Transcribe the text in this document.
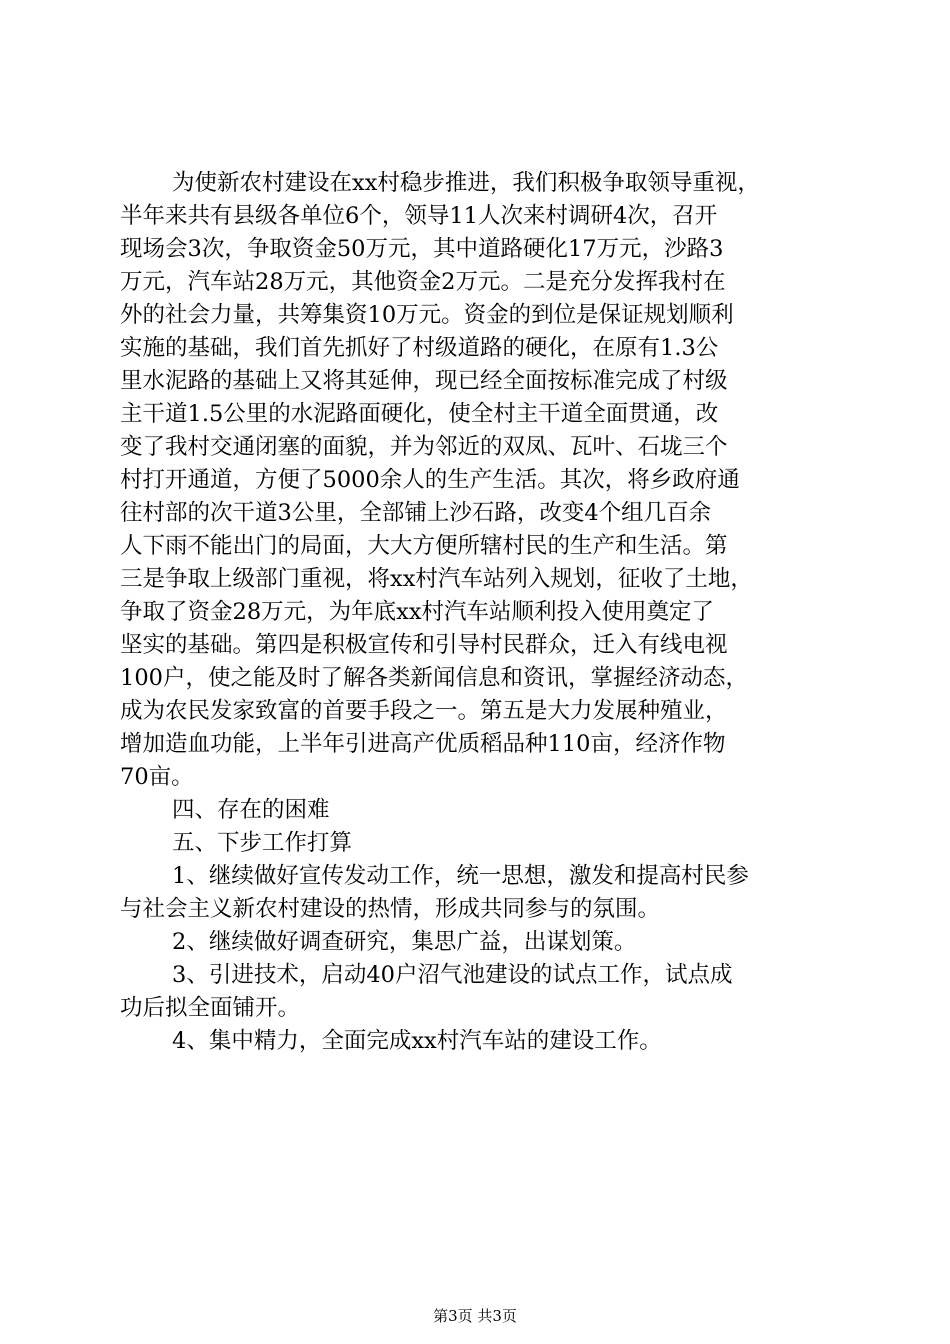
为使新农村建设在xx村稳步推进，我们积极争取领导重视，
半年来共有县级各单位6个，领导11人次来村调研4次，召开
现场会3次，争取资金50万元，其中道路硬化17万元，沙路3
万元，汽车站28万元，其他资金2万元。二是充分发挥我村在
外的社会力量，共筹集资10万元。资金的到位是保证规划顺利
实施的基础，我们首先抓好了村级道路的硬化，在原有1.3公
里水泥路的基础上又将其延伸，现已经全面按标准完成了村级
主干道1.5公里的水泥路面硬化，使全村主干道全面贯通，改
变了我村交通闭塞的面貌，并为邻近的双凤、瓦叶、石垅三个
村打开通道，方便了5000余人的生产生活。其次，将乡政府通
往村部的次干道3公里，全部铺上沙石路，改变4个组几百余
人下雨不能出门的局面，大大方便所辖村民的生产和生活。第
三是争取上级部门重视，将xx村汽车站列入规划，征收了土地，
争取了资金28万元，为年底xx村汽车站顺利投入使用奠定了
坚实的基础。第四是积极宣传和引导村民群众，迁入有线电视
100户，使之能及时了解各类新闻信息和资讯，掌握经济动态，
成为农民发家致富的首要手段之一。第五是大力发展种殖业，
增加造血功能，上半年引进高产优质稻品种110亩，经济作物
70亩。
四、存在的困难
五、下步工作打算
1、继续做好宣传发动工作，统一思想，激发和提高村民参
与社会主义新农村建设的热情，形成共同参与的氛围。
2、继续做好调查研究，集思广益，出谋划策。
3、引进技术，启动40户沼气池建设的试点工作，试点成
功后拟全面铺开。
4、集中精力，全面完成xx村汽车站的建设工作。
第3页 共3页
